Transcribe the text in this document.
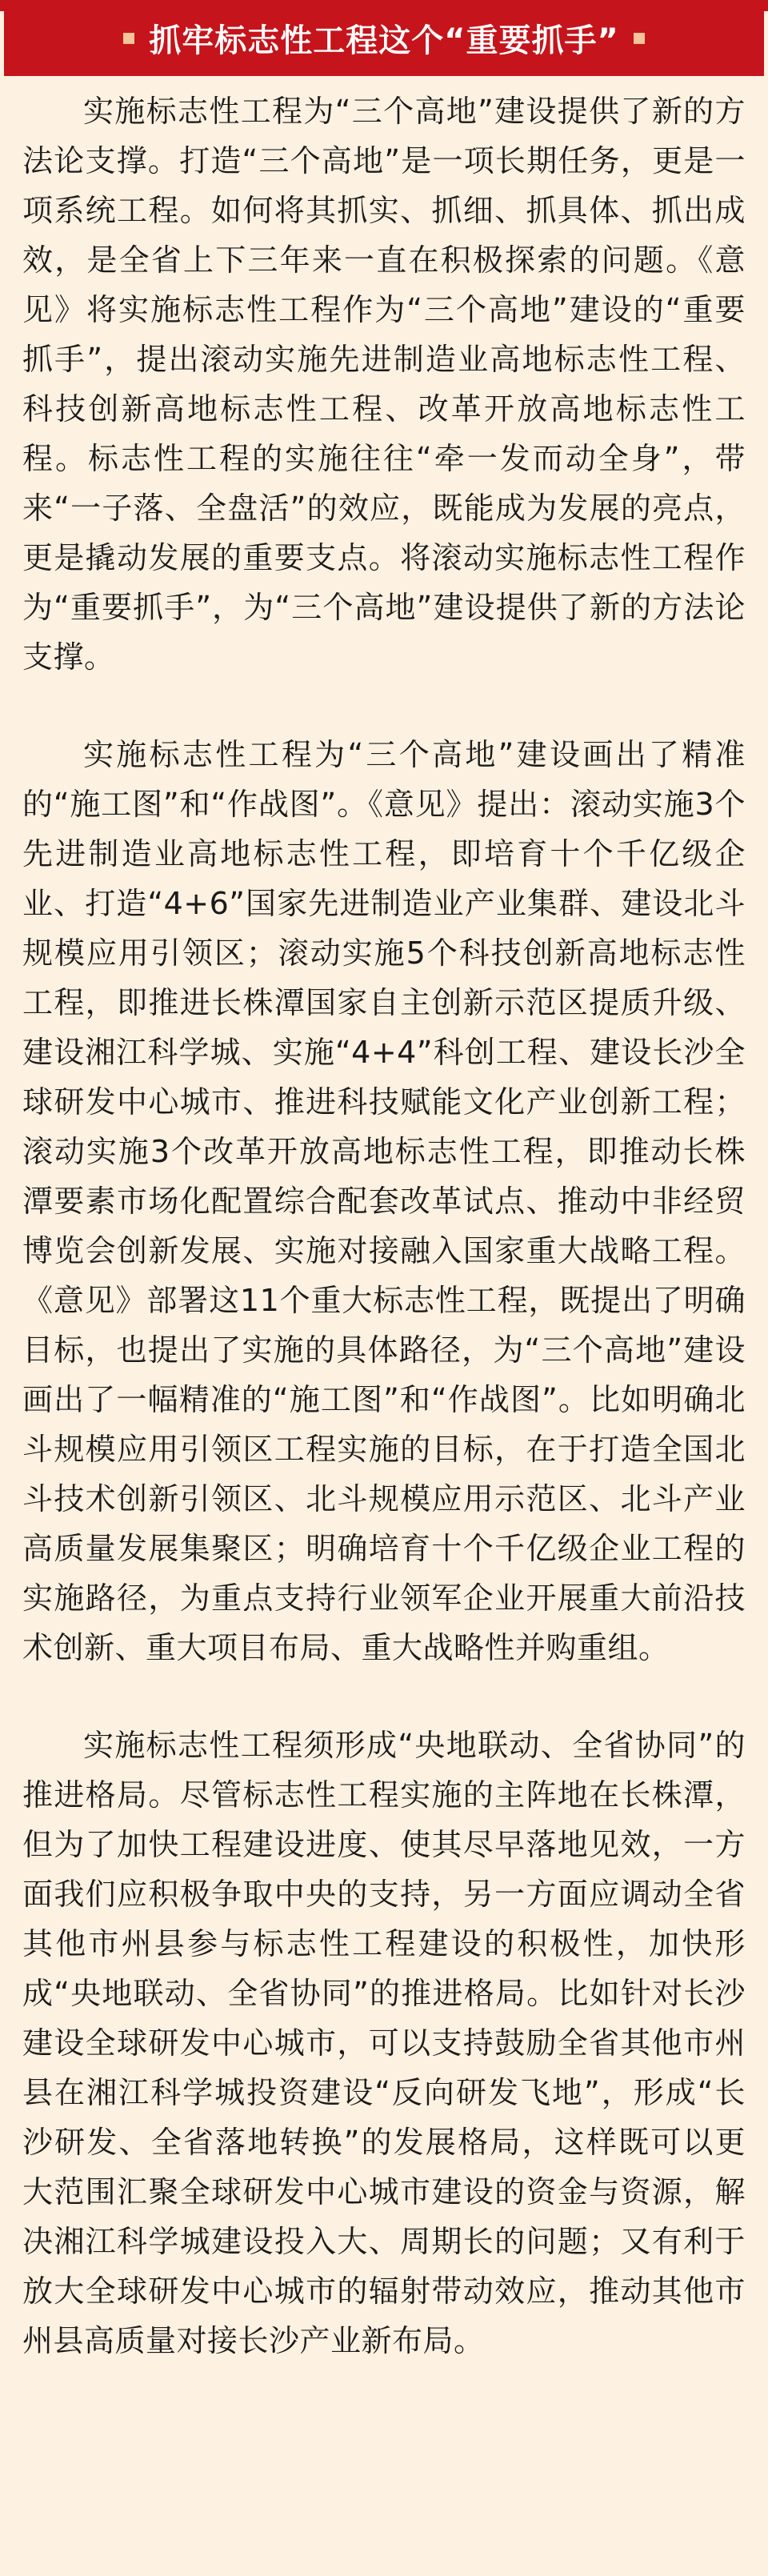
抓牢标志性工程这个“重要抓手”

实施标志性工程为“三个高地”建设提供了新的方法论支撑。打造“三个高地”是一项长期任务，更是一项系统工程。如何将其抓实、抓细、抓具体、抓出成效，是全省上下三年来一直在积极探索的问题。《意见》将实施标志性工程作为“三个高地”建设的“重要抓手”，提出滚动实施先进制造业高地标志性工程、科技创新高地标志性工程、改革开放高地标志性工程。标志性工程的实施往往“牵一发而动全身”，带来“一子落、全盘活”的效应，既能成为发展的亮点，更是撬动发展的重要支点。将滚动实施标志性工程作为“重要抓手”，为“三个高地”建设提供了新的方法论支撑。

实施标志性工程为“三个高地”建设画出了精准的“施工图”和“作战图”。《意见》提出：滚动实施3个先进制造业高地标志性工程，即培育十个千亿级企业、打造“4+6”国家先进制造业产业集群、建设北斗规模应用引领区；滚动实施5个科技创新高地标志性工程，即推进长株潭国家自主创新示范区提质升级、建设湘江科学城、实施“4+4”科创工程、建设长沙全球研发中心城市、推进科技赋能文化产业创新工程；滚动实施3个改革开放高地标志性工程，即推动长株潭要素市场化配置综合配套改革试点、推动中非经贸博览会创新发展、实施对接融入国家重大战略工程。《意见》部署这11个重大标志性工程，既提出了明确目标，也提出了实施的具体路径，为“三个高地”建设画出了一幅精准的“施工图”和“作战图”。比如明确北斗规模应用引领区工程实施的目标，在于打造全国北斗技术创新引领区、北斗规模应用示范区、北斗产业高质量发展集聚区；明确培育十个千亿级企业工程的实施路径，为重点支持行业领军企业开展重大前沿技术创新、重大项目布局、重大战略性并购重组。

实施标志性工程须形成“央地联动、全省协同”的推进格局。尽管标志性工程实施的主阵地在长株潭，但为了加快工程建设进度、使其尽早落地见效，一方面我们应积极争取中央的支持，另一方面应调动全省其他市州县参与标志性工程建设的积极性，加快形成“央地联动、全省协同”的推进格局。比如针对长沙建设全球研发中心城市，可以支持鼓励全省其他市州县在湘江科学城投资建设“反向研发飞地”，形成“长沙研发、全省落地转换”的发展格局，这样既可以更大范围汇聚全球研发中心城市建设的资金与资源，解决湘江科学城建设投入大、周期长的问题；又有利于放大全球研发中心城市的辐射带动效应，推动其他市州县高质量对接长沙产业新布局。
